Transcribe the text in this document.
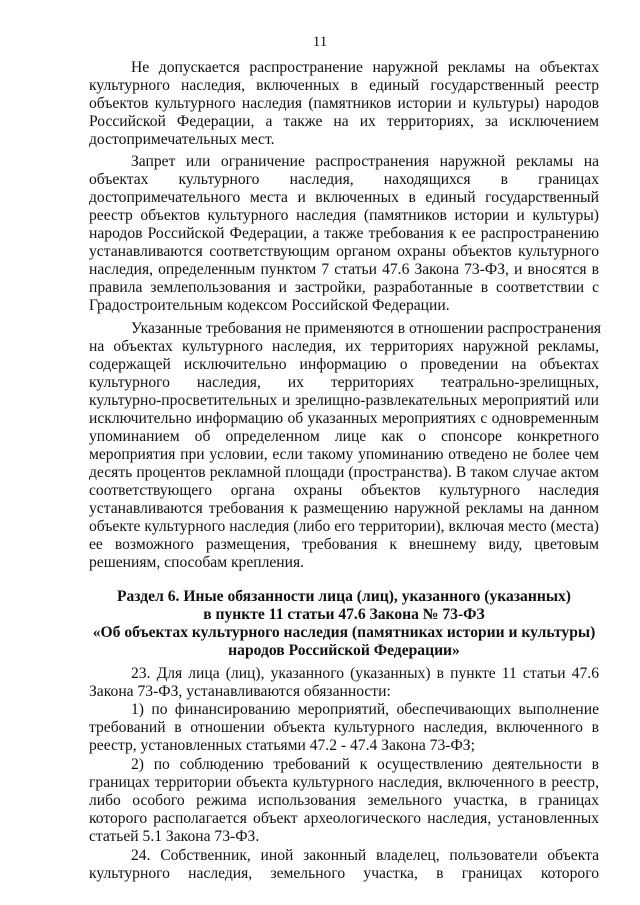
11
Не допускается распространение наружной рекламы на объектах
культурного наследия, включенных в единый государственный реестр
объектов культурного наследия (памятников истории и культуры) народов
Российской Федерации, а также на их территориях, за исключением
достопримечательных мест.
Запрет или ограничение распространения наружной рекламы на
объектах культурного наследия, находящихся в границах
достопримечательного места и включенных в единый государственный
реестр объектов культурного наследия (памятников истории и культуры)
народов Российской Федерации, а также требования к ее распространению
устанавливаются соответствующим органом охраны объектов культурного
наследия, определенным пунктом 7 статьи 47.6 Закона 73-ФЗ, и вносятся в
правила землепользования и застройки, разработанные в соответствии с
Градостроительным кодексом Российской Федерации.
Указанные требования не применяются в отношении распространения
на объектах культурного наследия, их территориях наружной рекламы,
содержащей исключительно информацию о проведении на объектах
культурного наследия, их территориях театрально-зрелищных,
культурно-просветительных и зрелищно-развлекательных мероприятий или
исключительно информацию об указанных мероприятиях с одновременным
упоминанием об определенном лице как о спонсоре конкретного
мероприятия при условии, если такому упоминанию отведено не более чем
десять процентов рекламной площади (пространства). В таком случае актом
соответствующего органа охраны объектов культурного наследия
устанавливаются требования к размещению наружной рекламы на данном
объекте культурного наследия (либо его территории), включая место (места)
ее возможного размещения, требования к внешнему виду, цветовым
решениям, способам крепления.
Раздел 6. Иные обязанности лица (лиц), указанного (указанных)
в пункте 11 статьи 47.6 Закона № 73-ФЗ
«Об объектах культурного наследия (памятниках истории и культуры)
народов Российской Федерации»
23. Для лица (лиц), указанного (указанных) в пункте 11 статьи 47.6
Закона 73-ФЗ, устанавливаются обязанности:
1) по финансированию мероприятий, обеспечивающих выполнение
требований в отношении объекта культурного наследия, включенного в
реестр, установленных статьями 47.2 - 47.4 Закона 73-ФЗ;
2) по соблюдению требований к осуществлению деятельности в
границах территории объекта культурного наследия, включенного в реестр,
либо особого режима использования земельного участка, в границах
которого располагается объект археологического наследия, установленных
статьей 5.1 Закона 73-ФЗ.
24. Собственник, иной законный владелец, пользователи объекта
культурного наследия, земельного участка, в границах которого
